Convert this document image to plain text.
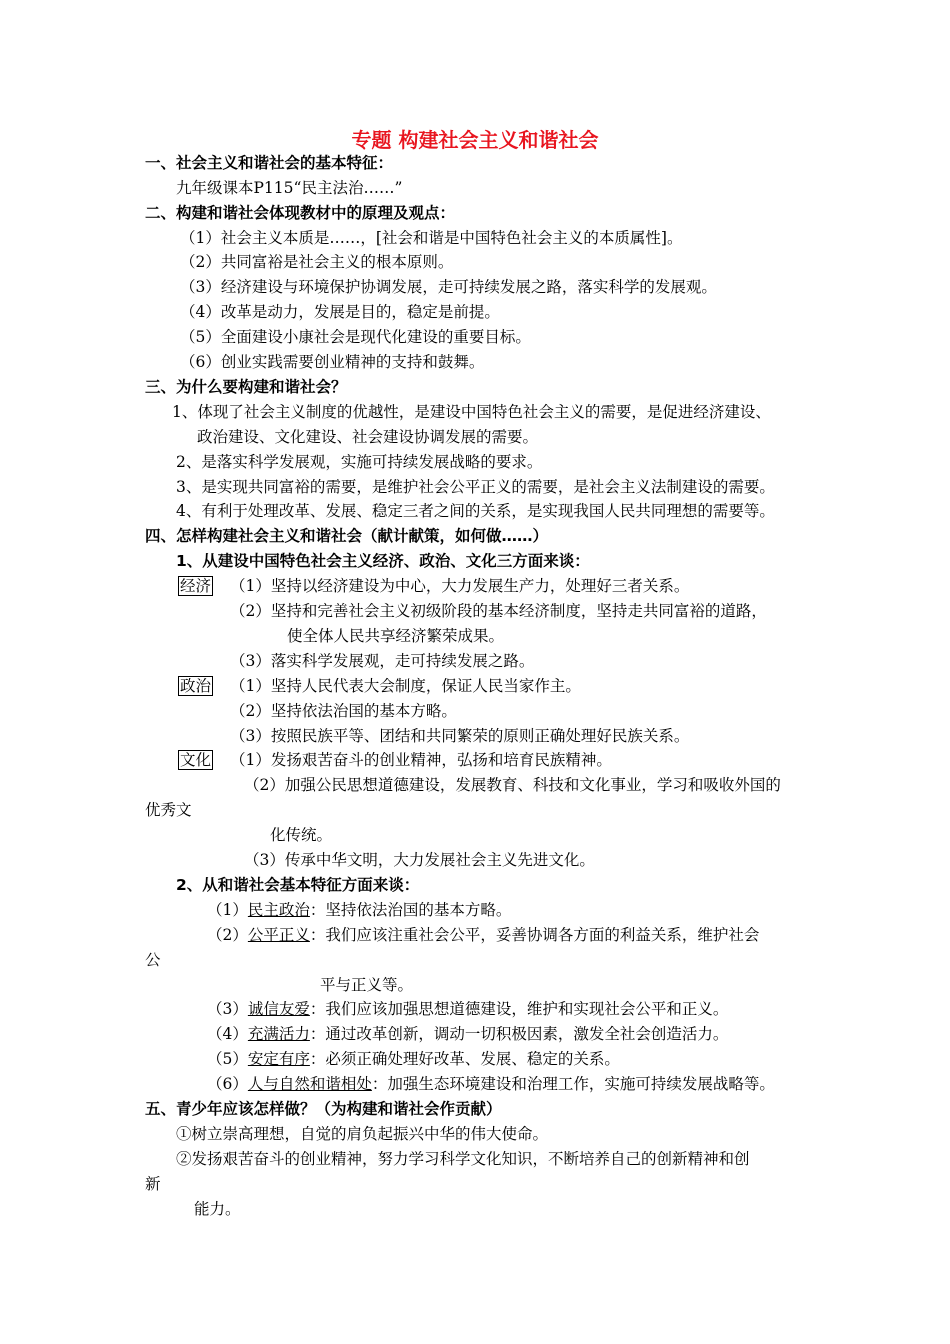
专题 构建社会主义和谐社会
一、社会主义和谐社会的基本特征：
九年级课本P115“民主法治……”
二、构建和谐社会体现教材中的原理及观点：
（1）社会主义本质是……，[社会和谐是中国特色社会主义的本质属性]。
（2）共同富裕是社会主义的根本原则。
（3）经济建设与环境保护协调发展，走可持续发展之路，落实科学的发展观。
（4）改革是动力，发展是目的，稳定是前提。
（5）全面建设小康社会是现代化建设的重要目标。
（6）创业实践需要创业精神的支持和鼓舞。
三、为什么要构建和谐社会？
1、体现了社会主义制度的优越性，是建设中国特色社会主义的需要，是促进经济建设、
政治建设、文化建设、社会建设协调发展的需要。
2、是落实科学发展观，实施可持续发展战略的要求。
3、是实现共同富裕的需要，是维护社会公平正义的需要，是社会主义法制建设的需要。
4、有利于处理改革、发展、稳定三者之间的关系，是实现我国人民共同理想的需要等。
四、怎样构建社会主义和谐社会（献计献策，如何做……）
1、从建设中国特色社会主义经济、政治、文化三方面来谈：
经济 （1）坚持以经济建设为中心，大力发展生产力，处理好三者关系。
（2）坚持和完善社会主义初级阶段的基本经济制度，坚持走共同富裕的道路，
使全体人民共享经济繁荣成果。
（3）落实科学发展观，走可持续发展之路。
政治 （1）坚持人民代表大会制度，保证人民当家作主。
（2）坚持依法治国的基本方略。
（3）按照民族平等、团结和共同繁荣的原则正确处理好民族关系。
文化 （1）发扬艰苦奋斗的创业精神，弘扬和培育民族精神。
（2）加强公民思想道德建设，发展教育、科技和文化事业，学习和吸收外国的
优秀文
化传统。
（3）传承中华文明，大力发展社会主义先进文化。
2、从和谐社会基本特征方面来谈：
（1）民主政治：坚持依法治国的基本方略。
（2）公平正义：我们应该注重社会公平，妥善协调各方面的利益关系，维护社会
公
平与正义等。
（3）诚信友爱：我们应该加强思想道德建设，维护和实现社会公平和正义。
（4）充满活力：通过改革创新，调动一切积极因素，激发全社会创造活力。
（5）安定有序：必须正确处理好改革、发展、稳定的关系。
（6）人与自然和谐相处：加强生态环境建设和治理工作，实施可持续发展战略等。
五、青少年应该怎样做？（为构建和谐社会作贡献）
①树立崇高理想，自觉的肩负起振兴中华的伟大使命。
②发扬艰苦奋斗的创业精神，努力学习科学文化知识，不断培养自己的创新精神和创
新
能力。
